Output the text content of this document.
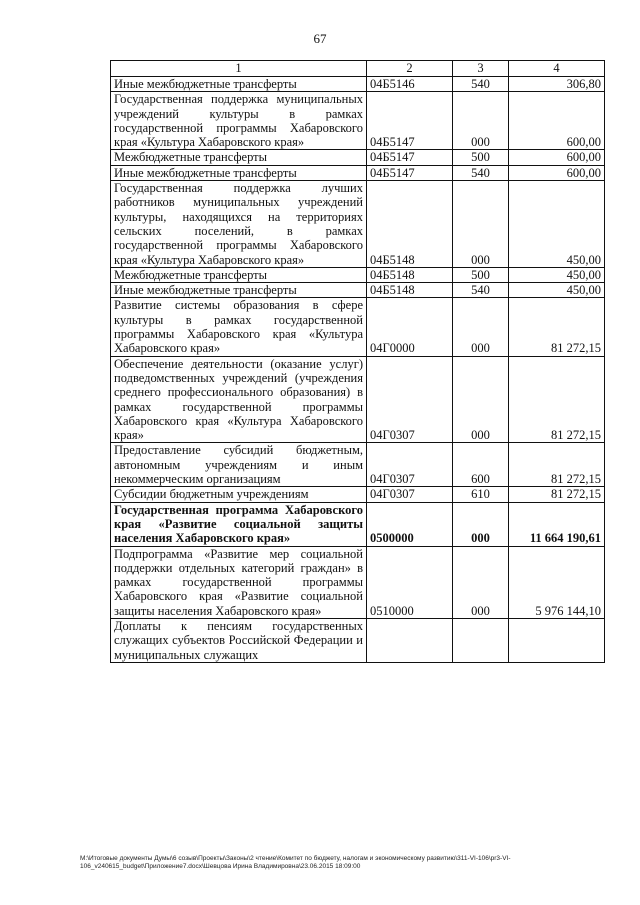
67
1	2	3	4
Иные межбюджетные трансферты	04Б5146	540	306,80
Государственная поддержка муниципальных учреждений культуры в рамках государственной программы Хабаровского края «Культура Хабаровского края»	04Б5147	000	600,00
Межбюджетные трансферты	04Б5147	500	600,00
Иные межбюджетные трансферты	04Б5147	540	600,00
Государственная поддержка лучших работников муниципальных учреждений культуры, находящихся на территориях сельских поселений, в рамках государственной программы Хабаровского края «Культура Хабаровского края»	04Б5148	000	450,00
Межбюджетные трансферты	04Б5148	500	450,00
Иные межбюджетные трансферты	04Б5148	540	450,00
Развитие системы образования в сфере культуры в рамках государственной программы Хабаровского края «Культура Хабаровского края»	04Г0000	000	81 272,15
Обеспечение деятельности (оказание услуг) подведомственных учреждений (учреждения среднего профессионального образования) в рамках государственной программы Хабаровского края «Культура Хабаровского края»	04Г0307	000	81 272,15
Предоставление субсидий бюджетным, автономным учреждениям и иным некоммерческим организациям	04Г0307	600	81 272,15
Субсидии бюджетным учреждениям	04Г0307	610	81 272,15
Государственная программа Хабаровского края «Развитие социальной защиты населения Хабаровского края»	0500000	000	11 664 190,61
Подпрограмма «Развитие мер социальной поддержки отдельных категорий граждан» в рамках государственной программы Хабаровского края «Развитие социальной защиты населения Хабаровского края»	0510000	000	5 976 144,10
Доплаты к пенсиям государственных служащих субъектов Российской Федерации и муниципальных служащих			
M:\Итоговые документы Думы\6 созыв\Проекты\Законы\2 чтение\Комитет по бюджету, налогам и экономическому развитию\311-VI-106\pr3-VI-106_v240615_budget\Приложение7.docx\Шевцова Ирина Владимировна\23.06.2015 18:09:00
